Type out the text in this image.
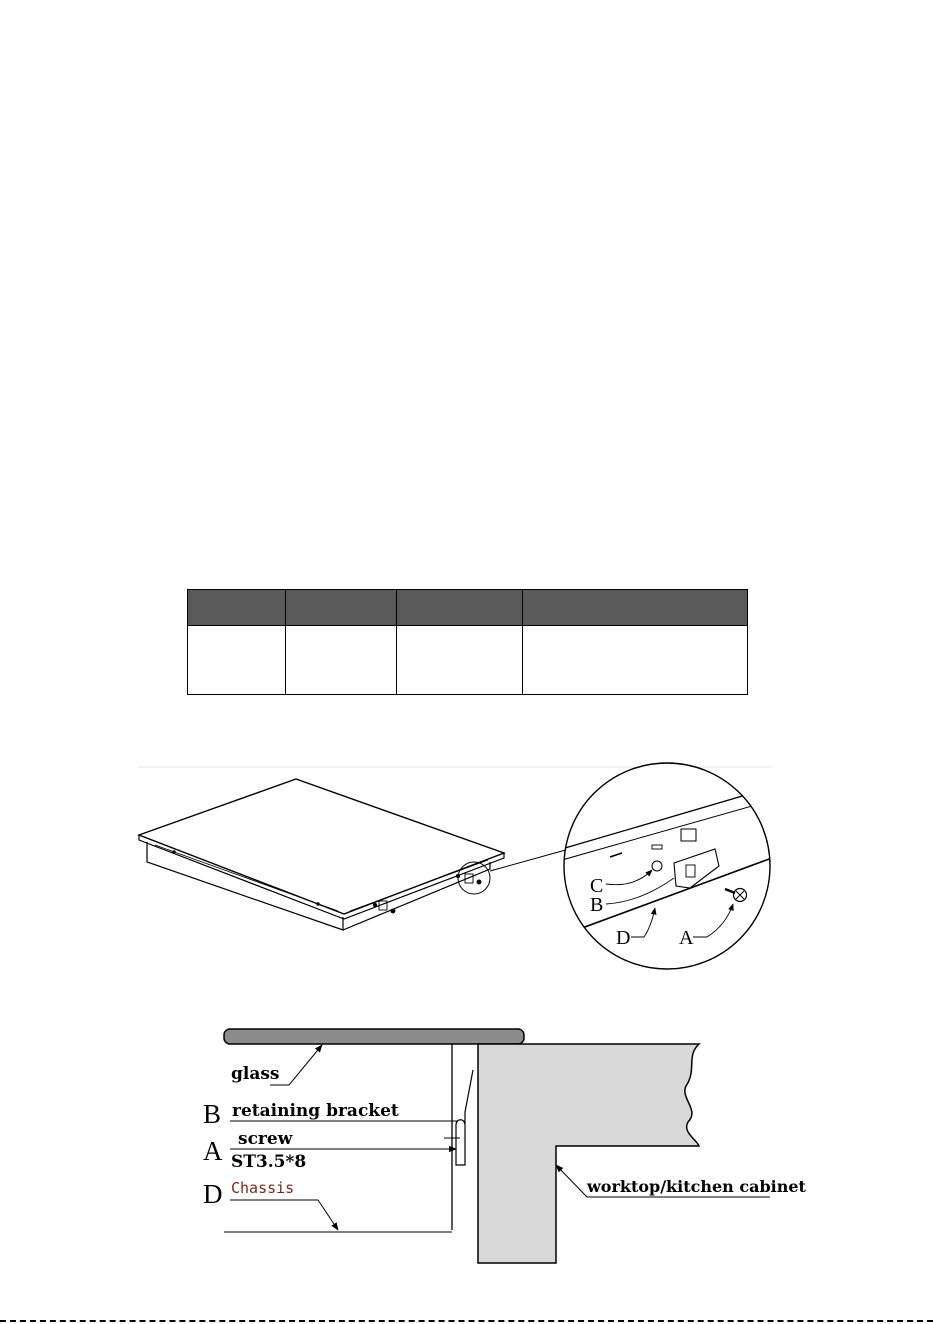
C
B
D A
glass
B retaining bracket
A screw
ST3.5*8
D Chassis	worktop/kitchen cabinet
